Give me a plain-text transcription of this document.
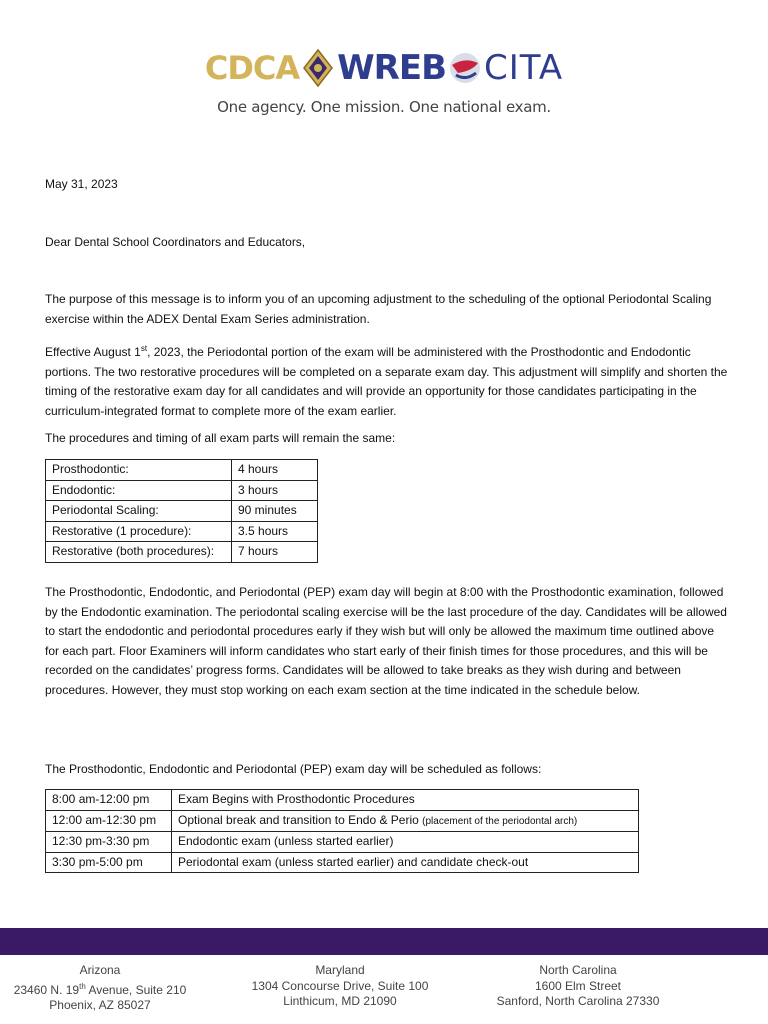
CDCA WREB CITA
One agency. One mission. One national exam.
May 31, 2023
Dear Dental School Coordinators and Educators,
The purpose of this message is to inform you of an upcoming adjustment to the scheduling of the optional Periodontal Scaling exercise within the ADEX Dental Exam Series administration.
Effective August 1st, 2023, the Periodontal portion of the exam will be administered with the Prosthodontic and Endodontic portions. The two restorative procedures will be completed on a separate exam day. This adjustment will simplify and shorten the timing of the restorative exam day for all candidates and will provide an opportunity for those candidates participating in the curriculum-integrated format to complete more of the exam earlier.
The procedures and timing of all exam parts will remain the same:
Prosthodontic:	4 hours
Endodontic:	3 hours
Periodontal Scaling:	90 minutes
Restorative (1 procedure):	3.5 hours
Restorative (both procedures):	7 hours
The Prosthodontic, Endodontic, and Periodontal (PEP) exam day will begin at 8:00 with the Prosthodontic examination, followed by the Endodontic examination. The periodontal scaling exercise will be the last procedure of the day. Candidates will be allowed to start the endodontic and periodontal procedures early if they wish but will only be allowed the maximum time outlined above for each part. Floor Examiners will inform candidates who start early of their finish times for those procedures, and this will be recorded on the candidates’ progress forms. Candidates will be allowed to take breaks as they wish during and between procedures. However, they must stop working on each exam section at the time indicated in the schedule below.
The Prosthodontic, Endodontic and Periodontal (PEP) exam day will be scheduled as follows:
8:00 am-12:00 pm	Exam Begins with Prosthodontic Procedures
12:00 am-12:30 pm	Optional break and transition to Endo & Perio (placement of the periodontal arch)
12:30 pm-3:30 pm	Endodontic exam (unless started earlier)
3:30 pm-5:00 pm	Periodontal exam (unless started earlier) and candidate check-out
Arizona
23460 N. 19th Avenue, Suite 210
Phoenix, AZ 85027
Maryland
1304 Concourse Drive, Suite 100
Linthicum, MD 21090
North Carolina
1600 Elm Street
Sanford, North Carolina 27330
